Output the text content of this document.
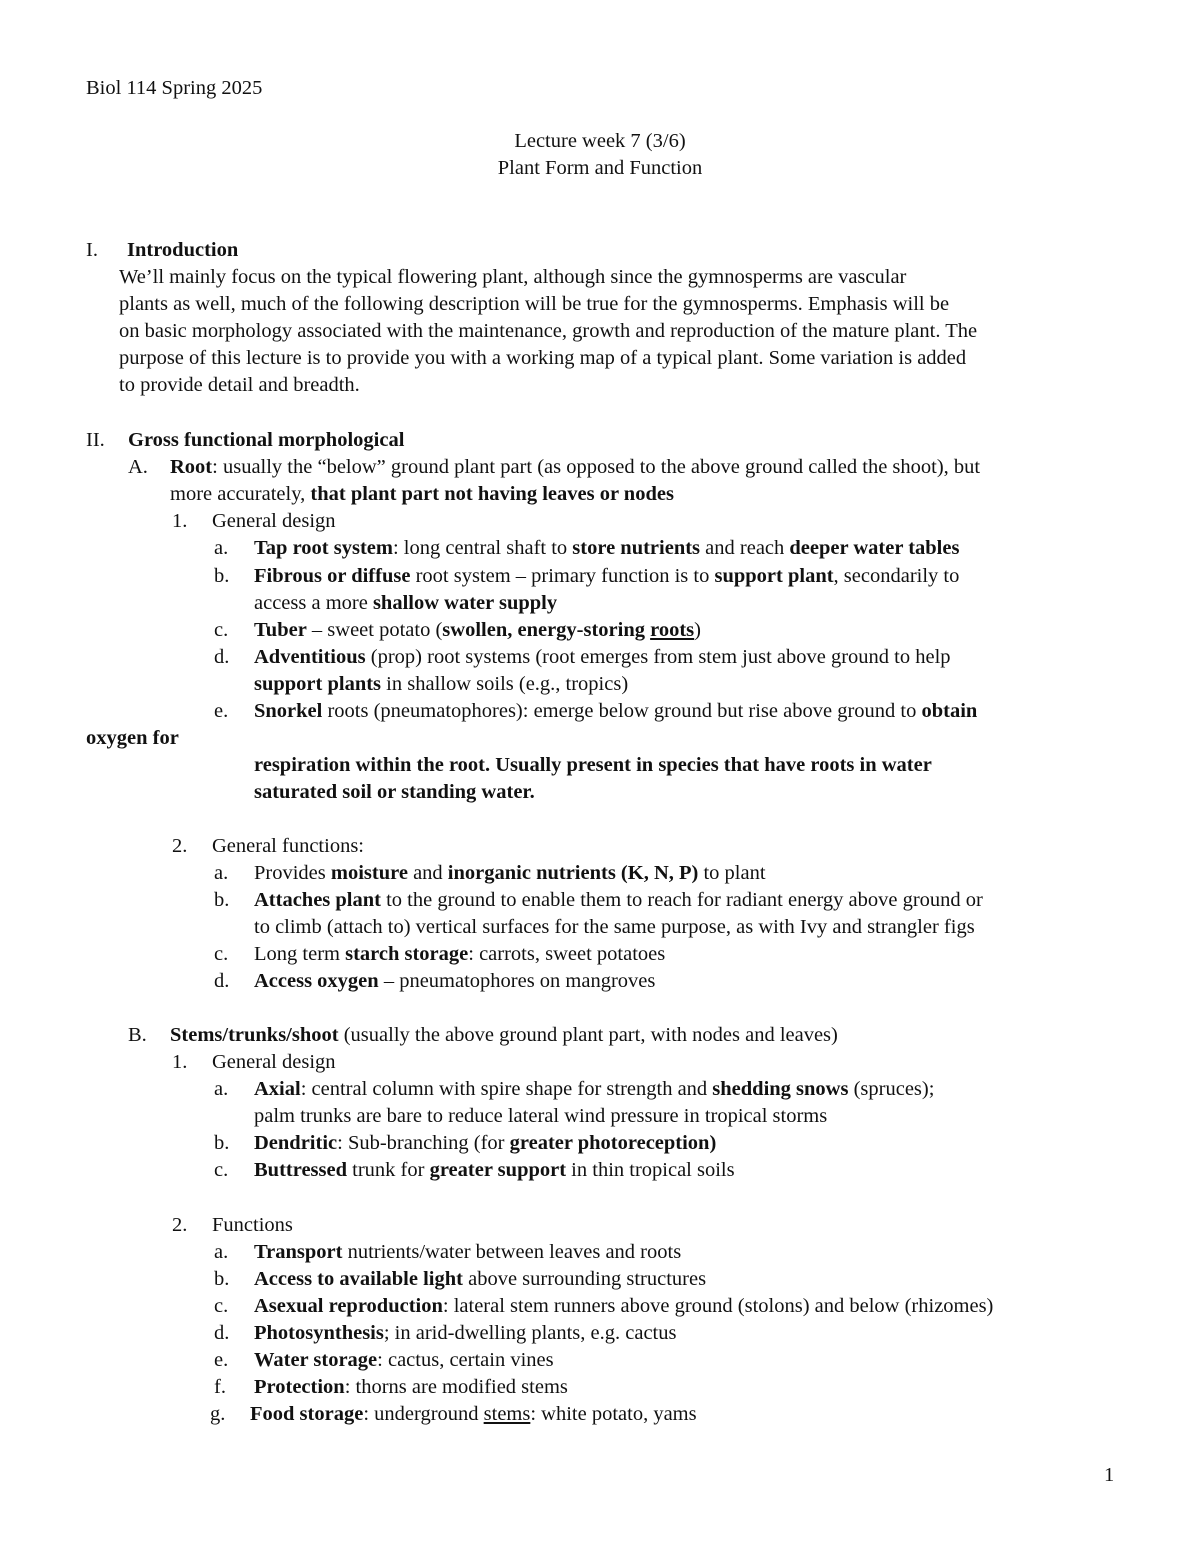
Biol 114 Spring 2025
Lecture week 7 (3/6)
Plant Form and Function
I. Introduction
We’ll mainly focus on the typical flowering plant, although since the gymnosperms are vascular
plants as well, much of the following description will be true for the gymnosperms. Emphasis will be
on basic morphology associated with the maintenance, growth and reproduction of the mature plant. The
purpose of this lecture is to provide you with a working map of a typical plant. Some variation is added
to provide detail and breadth.
II. Gross functional morphological
A. Root: usually the “below” ground plant part (as opposed to the above ground called the shoot), but
more accurately, that plant part not having leaves or nodes
1. General design
a. Tap root system: long central shaft to store nutrients and reach deeper water tables
b. Fibrous or diffuse root system – primary function is to support plant, secondarily to
access a more shallow water supply
c. Tuber – sweet potato (swollen, energy-storing roots)
d. Adventitious (prop) root systems (root emerges from stem just above ground to help
support plants in shallow soils (e.g., tropics)
e. Snorkel roots (pneumatophores): emerge below ground but rise above ground to obtain
oxygen for
respiration within the root. Usually present in species that have roots in water
saturated soil or standing water.
2. General functions:
a. Provides moisture and inorganic nutrients (K, N, P) to plant
b. Attaches plant to the ground to enable them to reach for radiant energy above ground or
to climb (attach to) vertical surfaces for the same purpose, as with Ivy and strangler figs
c. Long term starch storage: carrots, sweet potatoes
d. Access oxygen – pneumatophores on mangroves
B. Stems/trunks/shoot (usually the above ground plant part, with nodes and leaves)
1. General design
a. Axial: central column with spire shape for strength and shedding snows (spruces);
palm trunks are bare to reduce lateral wind pressure in tropical storms
b. Dendritic: Sub-branching (for greater photoreception)
c. Buttressed trunk for greater support in thin tropical soils
2. Functions
a. Transport nutrients/water between leaves and roots
b. Access to available light above surrounding structures
c. Asexual reproduction: lateral stem runners above ground (stolons) and below (rhizomes)
d. Photosynthesis; in arid-dwelling plants, e.g. cactus
e. Water storage: cactus, certain vines
f. Protection: thorns are modified stems
g. Food storage: underground stems: white potato, yams
1
